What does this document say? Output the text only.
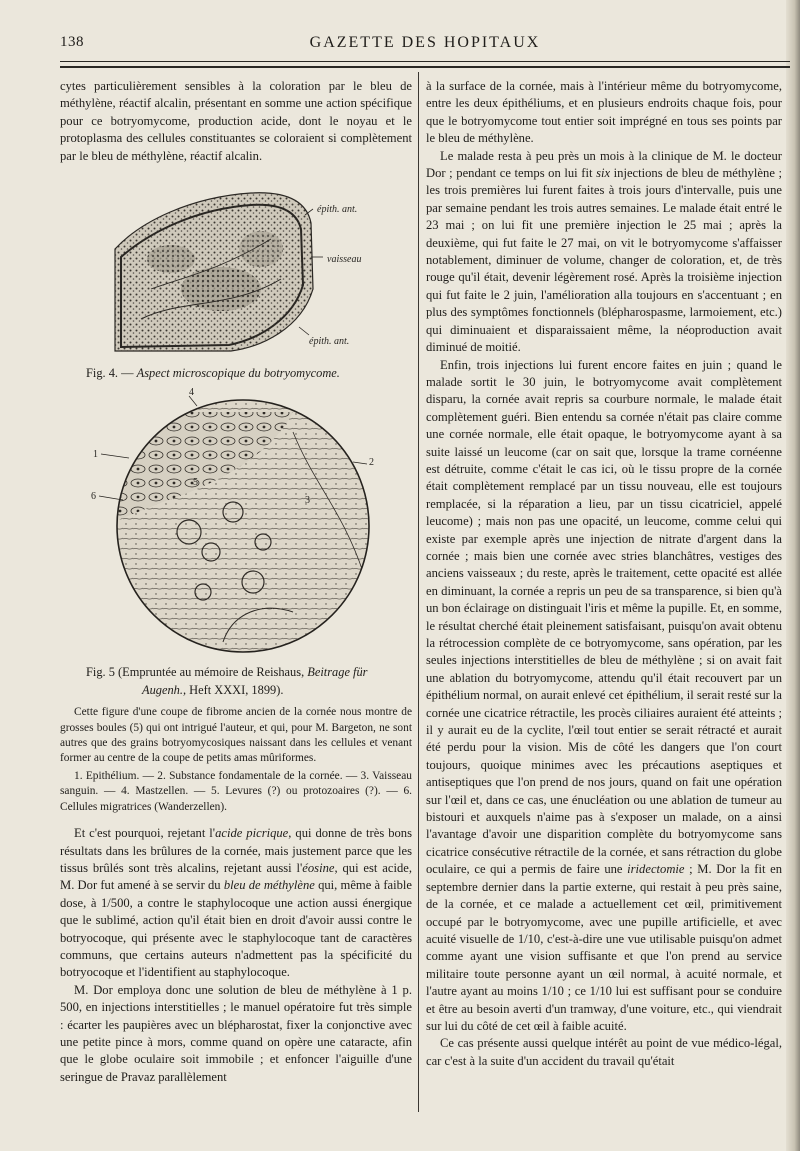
138	GAZETTE DES HOPITAUX

cytes particulièrement sensibles à la coloration par le bleu de méthylène, réactif alcalin, présentant en somme une action spécifique pour ce botryomycome, production acide, dont le noyau et le protoplasma des cellules constituantes se coloraient si complètement par le bleu de méthylène, réactif alcalin.

épith. ant.
vaisseau
épith. ant.

Fig. 4. — Aspect microscopique du botryomycome.

4
1
5
6
2
3

Fig. 5 (Empruntée au mémoire de Reishaus, Beitrage für
Augenh., Heft XXXI, 1899).

Cette figure d'une coupe de fibrome ancien de la cornée nous montre de grosses boules (5) qui ont intrigué l'auteur, et qui, pour M. Bargeton, ne sont autres que des grains botryomycosiques naissant dans les cellules et venant former au centre de la coupe de petits amas mûriformes.

1. Epithélium. — 2. Substance fondamentale de la cornée. — 3. Vaisseau sanguin. — 4. Mastzellen. — 5. Levures (?) ou protozoaires (?). — 6. Cellules migratrices (Wanderzellen).

Et c'est pourquoi, rejetant l'acide picrique, qui donne de très bons résultats dans les brûlures de la cornée, mais justement parce que les tissus brûlés sont très alcalins, rejetant aussi l'éosine, qui est acide, M. Dor fut amené à se servir du bleu de méthylène qui, même à faible dose, à 1/500, a contre le staphylocoque une action aussi énergique que le sublimé, action qu'il était bien en droit d'avoir aussi contre le botryocoque, qui présente avec le staphylocoque tant de caractères communs, que certains auteurs n'admettent pas la spécificité du botryocoque et l'identifient au staphylocoque.

M. Dor employa donc une solution de bleu de méthylène à 1 p. 500, en injections interstitielles ; le manuel opératoire fut très simple : écarter les paupières avec un blépharostat, fixer la conjonctive avec une petite pince à mors, comme quand on opère une cataracte, afin que le globe oculaire soit immobile ; et enfoncer l'aiguille d'une seringue de Pravaz parallèlement

à la surface de la cornée, mais à l'intérieur même du botryomycome, entre les deux épithéliums, et en plusieurs endroits chaque fois, pour que le botryomycome tout entier soit imprégné en tous ses points par le bleu de méthylène.

Le malade resta à peu près un mois à la clinique de M. le docteur Dor ; pendant ce temps on lui fit six injections de bleu de méthylène ; les trois premières lui furent faites à trois jours d'intervalle, puis une par semaine pendant les trois autres semaines. Le malade était entré le 23 mai ; on lui fit une première injection le 25 mai ; après la deuxième, qui fut faite le 27 mai, on vit le botryomycome s'affaisser notablement, diminuer de volume, changer de coloration, et, de très rouge qu'il était, devenir légèrement rosé. Après la troisième injection qui fut faite le 2 juin, l'amélioration alla toujours en s'accentuant ; en plus des symptômes fonctionnels (blépharospasme, larmoiement, etc.) qui diminuaient et disparaissaient même, la néoproduction avait diminué de moitié.

Enfin, trois injections lui furent encore faites en juin ; quand le malade sortit le 30 juin, le botryomycome avait complètement disparu, la cornée avait repris sa courbure normale, le malade était complètement guéri. Bien entendu sa cornée n'était pas claire comme une cornée normale, elle était opaque, le botryomycome ayant à sa suite laissé un leucome (car on sait que, lorsque la trame cornéenne est détruite, comme c'était le cas ici, où le tissu propre de la cornée était complètement remplacé par un tissu nouveau, elle est toujours remplacée, si la réparation a lieu, par un tissu cicatriciel, appelé leucome) ; mais non pas une opacité, un leucome, comme celui qui existe par exemple après une injection de nitrate d'argent dans la cornée ; mais bien une cornée avec stries blanchâtres, vestiges des anciens vaisseaux ; du reste, après le traitement, cette opacité est allée en diminuant, la cornée a repris un peu de sa transparence, si bien qu'à un bon éclairage on distinguait l'iris et même la pupille. Et, en somme, le résultat cherché était pleinement satisfaisant, puisqu'on avait obtenu la rétrocession complète de ce botryomycome, sans opération, par les seules injections interstitielles de bleu de méthylène ; si on avait fait une ablation du botryomycome, attendu qu'il était recouvert par un épithélium normal, on aurait enlevé cet épithélium, il serait resté sur la cornée une cicatrice rétractile, les procès ciliaires auraient été atteints ; il y aurait eu de la cyclite, l'œil tout entier se serait rétracté et aurait été perdu pour la vision. Mis de côté les dangers que l'on court toujours, quoique minimes avec les précautions aseptiques et antiseptiques que l'on prend de nos jours, quand on fait une opération sur l'œil et, dans ce cas, une énucléation ou une ablation de tumeur au bistouri et auxquels n'aime pas à s'exposer un malade, on a ainsi l'avantage d'avoir une disparition complète du botryomycome sans cicatrice consécutive rétractile de la cornée, et sans rétraction du globe oculaire, ce qui a permis de faire une iridectomie ; M. Dor la fit en septembre dernier dans la partie externe, qui restait à peu près saine, de la cornée, et ce malade a actuellement cet œil, primitivement occupé par le botryomycome, avec une pupille artificielle, et avec acuité visuelle de 1/10, c'est-à-dire une vue utilisable puisqu'on admet comme ayant une vision suffisante et que l'on prend au service militaire toute personne ayant un œil normal, à acuité normale, et l'autre ayant au moins 1/10 ; ce 1/10 lui est suffisant pour se conduire et être au besoin averti d'un tramway, d'une voiture, etc., qui viendrait sur lui du côté de cet œil à faible acuité.

Ce cas présente aussi quelque intérêt au point de vue médico-légal, car c'est à la suite d'un accident du travail qu'était
